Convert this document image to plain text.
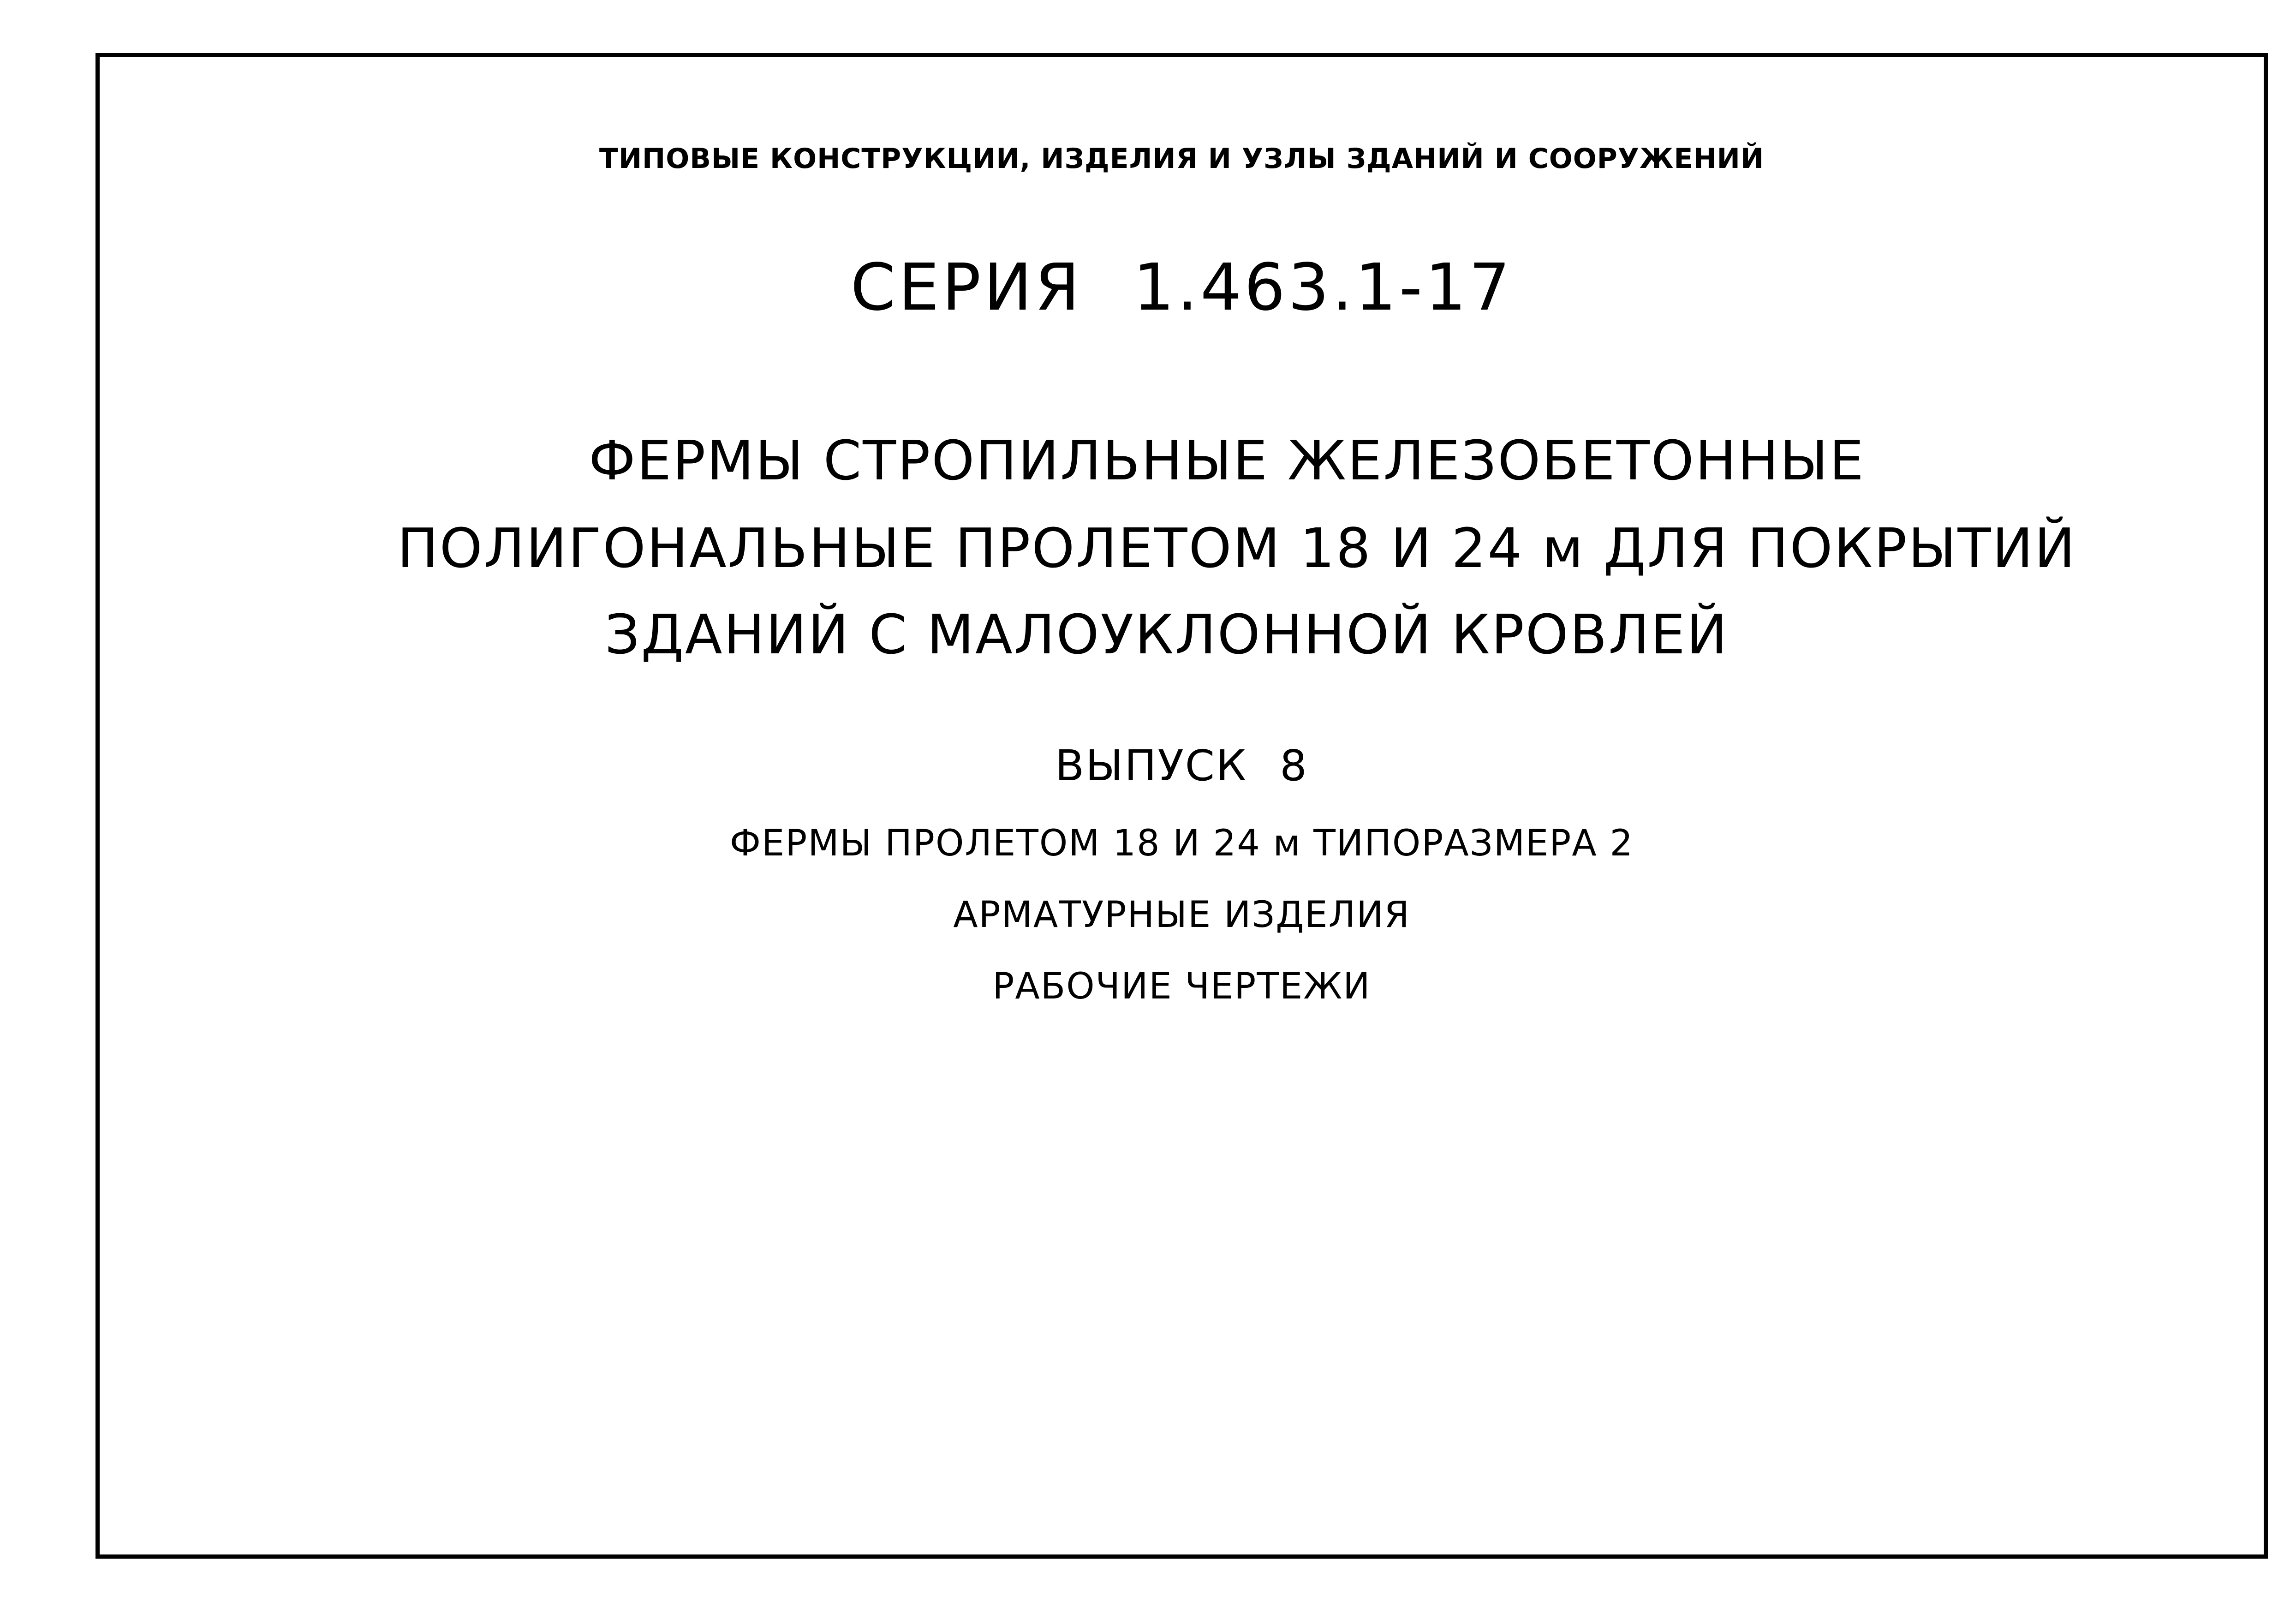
ТИПОВЫЕ КОНСТРУКЦИИ, ИЗДЕЛИЯ И УЗЛЫ ЗДАНИЙ И СООРУЖЕНИЙ
СЕРИЯ 1.463.1-17
ФЕРМЫ СТРОПИЛЬНЫЕ ЖЕЛЕЗОБЕТОННЫЕ
ПОЛИГОНАЛЬНЫЕ ПРОЛЕТОМ 18 И 24 м ДЛЯ ПОКРЫТИЙ
ЗДАНИЙ С МАЛОУКЛОННОЙ КРОВЛЕЙ
ВЫПУСК 8
ФЕРМЫ ПРОЛЕТОМ 18 И 24 м ТИПОРАЗМЕРА 2
АРМАТУРНЫЕ ИЗДЕЛИЯ
РАБОЧИЕ ЧЕРТЕЖИ
